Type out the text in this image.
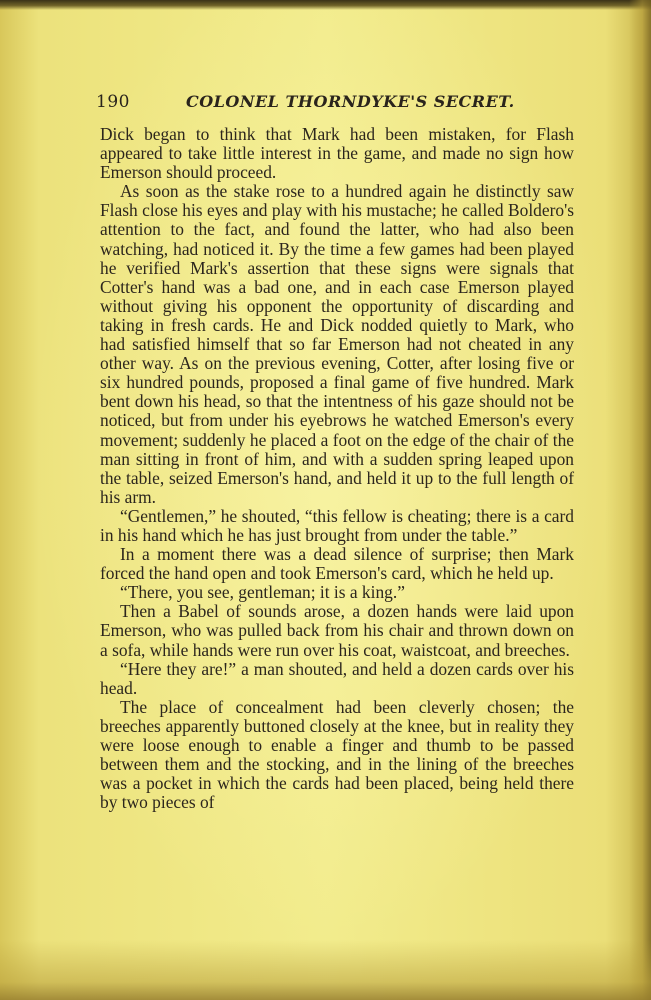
190	COLONEL THORNDYKE'S SECRET.

Dick began to think that Mark had been mistaken, for Flash appeared to take little interest in the game, and made no sign how Emerson should proceed.

As soon as the stake rose to a hundred again he distinctly saw Flash close his eyes and play with his mustache; he called Boldero's attention to the fact, and found the latter, who had also been watching, had noticed it. By the time a few games had been played he verified Mark's assertion that these signs were signals that Cotter's hand was a bad one, and in each case Emerson played without giving his opponent the opportunity of discarding and taking in fresh cards. He and Dick nodded quietly to Mark, who had satisfied himself that so far Emerson had not cheated in any other way. As on the previous evening, Cotter, after losing five or six hundred pounds, proposed a final game of five hundred. Mark bent down his head, so that the intentness of his gaze should not be noticed, but from under his eyebrows he watched Emerson's every movement; suddenly he placed a foot on the edge of the chair of the man sitting in front of him, and with a sudden spring leaped upon the table, seized Emerson's hand, and held it up to the full length of his arm.

“Gentlemen,” he shouted, “this fellow is cheating; there is a card in his hand which he has just brought from under the table.”

In a moment there was a dead silence of surprise; then Mark forced the hand open and took Emerson's card, which he held up.

“There, you see, gentleman; it is a king.”

Then a Babel of sounds arose, a dozen hands were laid upon Emerson, who was pulled back from his chair and thrown down on a sofa, while hands were run over his coat, waistcoat, and breeches.

“Here they are!” a man shouted, and held a dozen cards over his head.

The place of concealment had been cleverly chosen; the breeches apparently buttoned closely at the knee, but in reality they were loose enough to enable a finger and thumb to be passed between them and the stocking, and in the lining of the breeches was a pocket in which the cards had been placed, being held there by two pieces of
